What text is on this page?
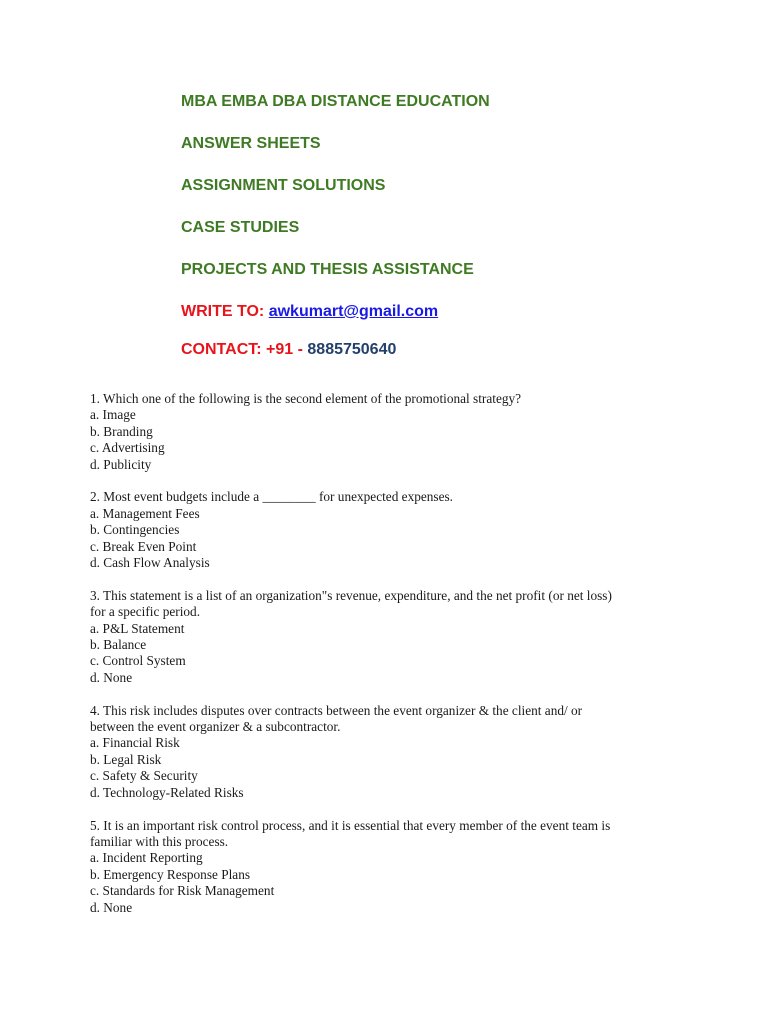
MBA EMBA DBA DISTANCE EDUCATION
ANSWER SHEETS
ASSIGNMENT SOLUTIONS
CASE STUDIES
PROJECTS AND THESIS ASSISTANCE
WRITE TO: awkumart@gmail.com
CONTACT: +91 - 8885750640
1. Which one of the following is the second element of the promotional strategy?
a. Image
b. Branding
c. Advertising
d. Publicity
2. Most event budgets include a ________ for unexpected expenses.
a. Management Fees
b. Contingencies
c. Break Even Point
d. Cash Flow Analysis
3. This statement is a list of an organization"s revenue, expenditure, and the net profit (or net loss)
for a specific period.
a. P&L Statement
b. Balance
c. Control System
d. None
4. This risk includes disputes over contracts between the event organizer & the client and/ or
between the event organizer & a subcontractor.
a. Financial Risk
b. Legal Risk
c. Safety & Security
d. Technology-Related Risks
5. It is an important risk control process, and it is essential that every member of the event team is
familiar with this process.
a. Incident Reporting
b. Emergency Response Plans
c. Standards for Risk Management
d. None
